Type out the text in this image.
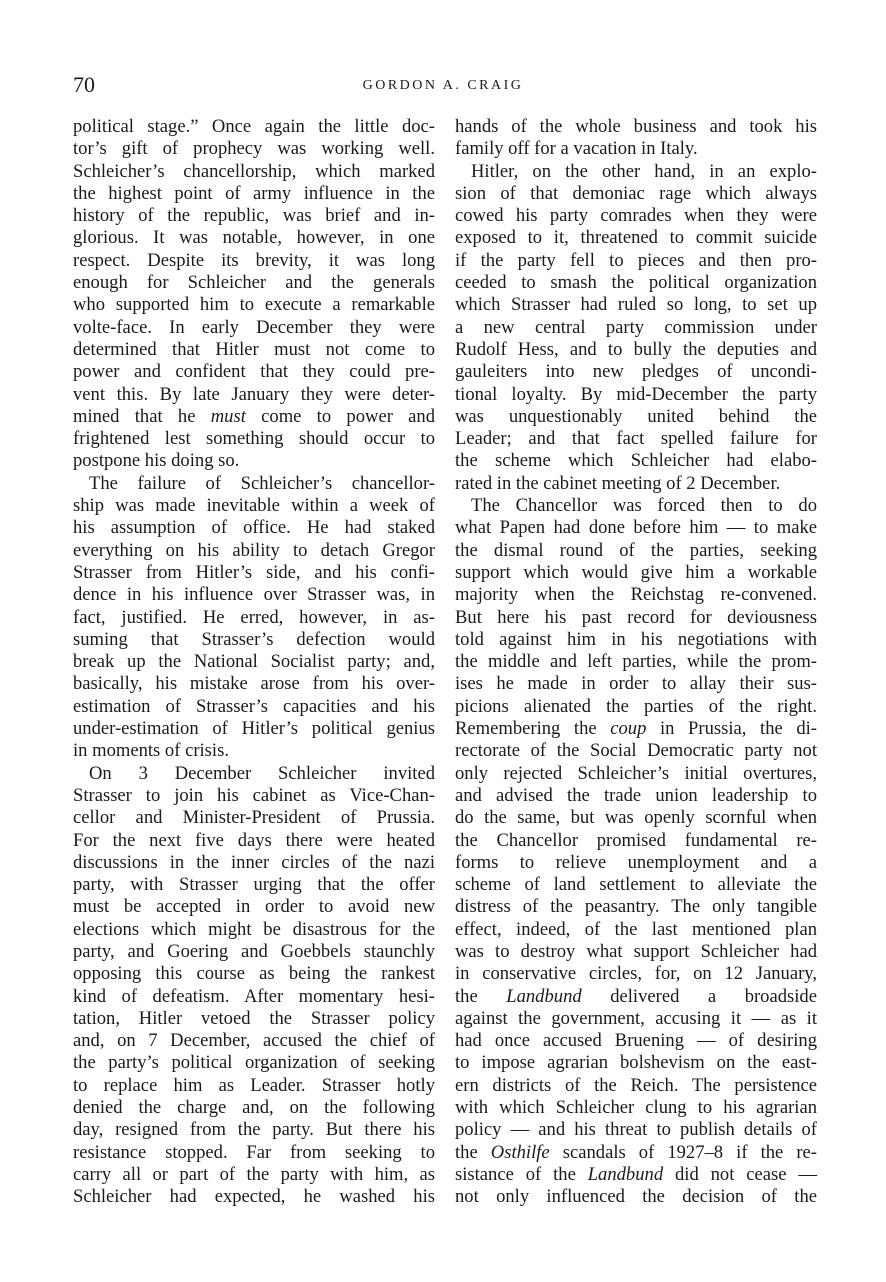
70	GORDON A. CRAIG
political stage.” Once again the little doc-
tor’s gift of prophecy was working well.
Schleicher’s chancellorship, which marked
the highest point of army influence in the
history of the republic, was brief and in-
glorious. It was notable, however, in one
respect. Despite its brevity, it was long
enough for Schleicher and the generals
who supported him to execute a remarkable
volte-face. In early December they were
determined that Hitler must not come to
power and confident that they could pre-
vent this. By late January they were deter-
mined that he must come to power and
frightened lest something should occur to
postpone his doing so.
The failure of Schleicher’s chancellor-
ship was made inevitable within a week of
his assumption of office. He had staked
everything on his ability to detach Gregor
Strasser from Hitler’s side, and his confi-
dence in his influence over Strasser was, in
fact, justified. He erred, however, in as-
suming that Strasser’s defection would
break up the National Socialist party; and,
basically, his mistake arose from his over-
estimation of Strasser’s capacities and his
under-estimation of Hitler’s political genius
in moments of crisis.
On 3 December Schleicher invited
Strasser to join his cabinet as Vice-Chan-
cellor and Minister-President of Prussia.
For the next five days there were heated
discussions in the inner circles of the nazi
party, with Strasser urging that the offer
must be accepted in order to avoid new
elections which might be disastrous for the
party, and Goering and Goebbels staunchly
opposing this course as being the rankest
kind of defeatism. After momentary hesi-
tation, Hitler vetoed the Strasser policy
and, on 7 December, accused the chief of
the party’s political organization of seeking
to replace him as Leader. Strasser hotly
denied the charge and, on the following
day, resigned from the party. But there his
resistance stopped. Far from seeking to
carry all or part of the party with him, as
Schleicher had expected, he washed his
hands of the whole business and took his
family off for a vacation in Italy.
Hitler, on the other hand, in an explo-
sion of that demoniac rage which always
cowed his party comrades when they were
exposed to it, threatened to commit suicide
if the party fell to pieces and then pro-
ceeded to smash the political organization
which Strasser had ruled so long, to set up
a new central party commission under
Rudolf Hess, and to bully the deputies and
gauleiters into new pledges of uncondi-
tional loyalty. By mid-December the party
was unquestionably united behind the
Leader; and that fact spelled failure for
the scheme which Schleicher had elabo-
rated in the cabinet meeting of 2 December.
The Chancellor was forced then to do
what Papen had done before him — to make
the dismal round of the parties, seeking
support which would give him a workable
majority when the Reichstag re-convened.
But here his past record for deviousness
told against him in his negotiations with
the middle and left parties, while the prom-
ises he made in order to allay their sus-
picions alienated the parties of the right.
Remembering the coup in Prussia, the di-
rectorate of the Social Democratic party not
only rejected Schleicher’s initial overtures,
and advised the trade union leadership to
do the same, but was openly scornful when
the Chancellor promised fundamental re-
forms to relieve unemployment and a
scheme of land settlement to alleviate the
distress of the peasantry. The only tangible
effect, indeed, of the last mentioned plan
was to destroy what support Schleicher had
in conservative circles, for, on 12 January,
the Landbund delivered a broadside
against the government, accusing it — as it
had once accused Bruening — of desiring
to impose agrarian bolshevism on the east-
ern districts of the Reich. The persistence
with which Schleicher clung to his agrarian
policy — and his threat to publish details of
the Osthilfe scandals of 1927–8 if the re-
sistance of the Landbund did not cease —
not only influenced the decision of the
